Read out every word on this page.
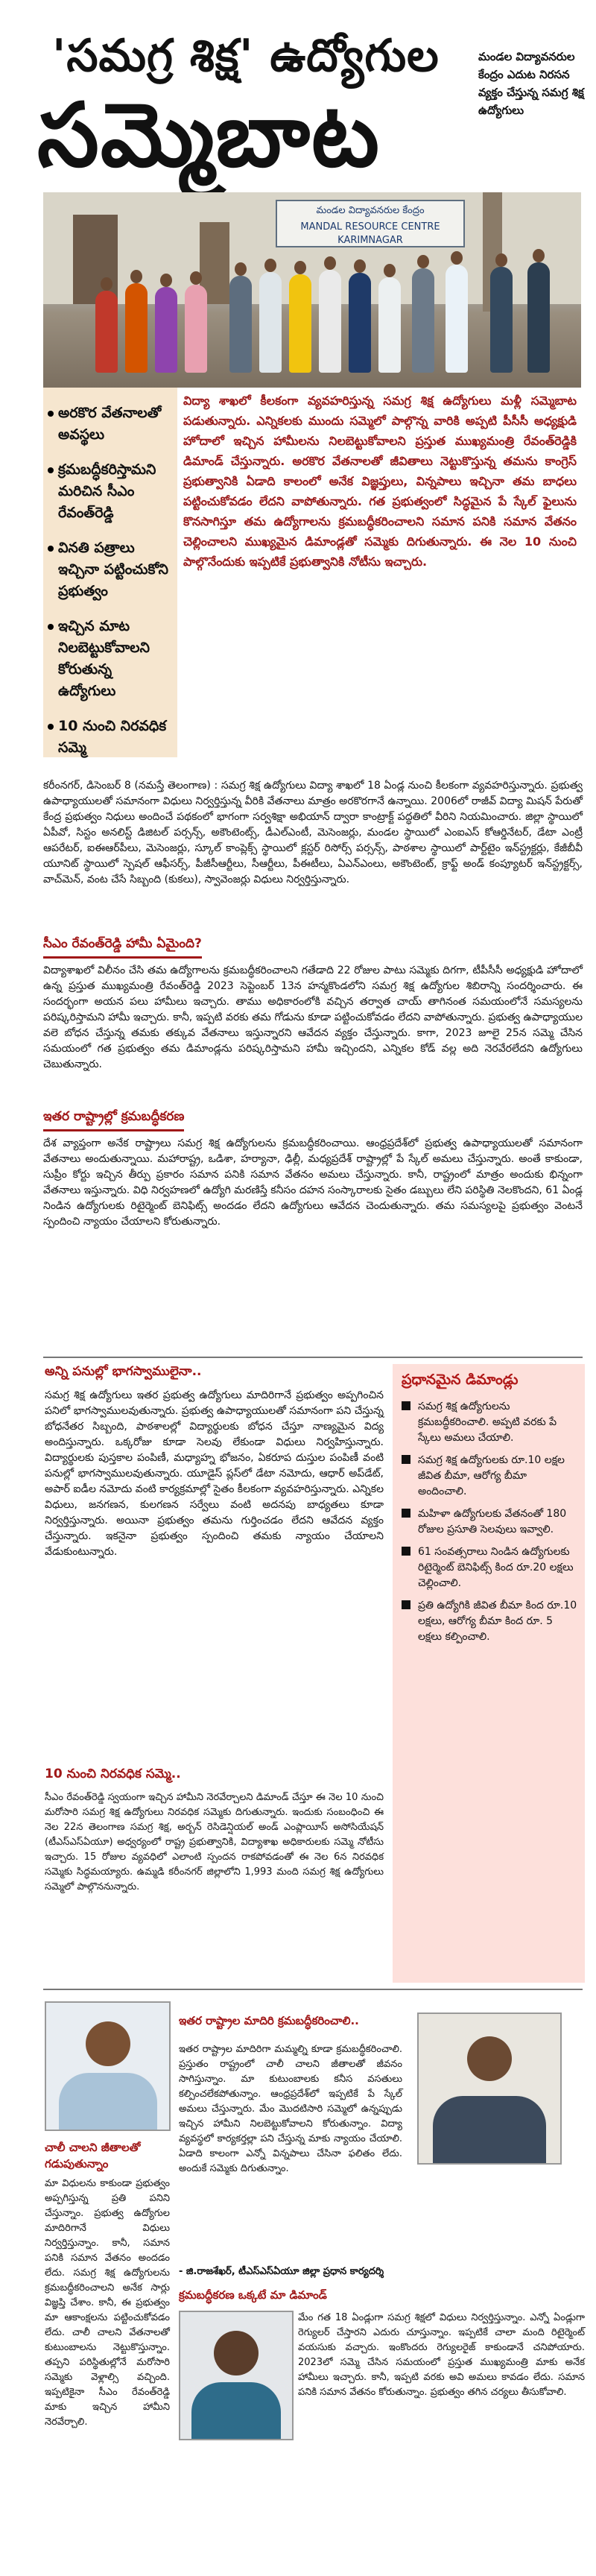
'సమగ్ర శిక్ష' ఉద్యోగుల
సమ్మెబాట
మండల విద్యావనరుల కేంద్రం ఎదుట నిరసన వ్యక్తం చేస్తున్న సమగ్ర శిక్ష ఉద్యోగులు
మండల విద్యావనరుల కేంద్రం
MANDAL RESOURCE CENTRE KARIMNAGAR
అరకొర వేతనాలతో అవస్థలు
క్రమబద్ధీకరిస్తామని మరిచిన సీఎం రేవంత్‌రెడ్డి
వినతి పత్రాలు ఇచ్చినా పట్టించుకోని ప్రభుత్వం
ఇచ్చిన మాట నిలబెట్టుకోవాలని కోరుతున్న ఉద్యోగులు
10 నుంచి నిరవధిక సమ్మె
విద్యా శాఖలో కీలకంగా వ్యవహరిస్తున్న సమగ్ర శిక్ష ఉద్యోగులు మళ్లీ సమ్మెబాట పడుతున్నారు. ఎన్నికలకు ముందు సమ్మెలో పాల్గొన్న వారికి అప్పటి పీసీసీ అధ్యక్షుడి హోదాలో ఇచ్చిన హామీలను నిలబెట్టుకోవాలని ప్రస్తుత ముఖ్యమంత్రి రేవంత్‌రెడ్డికి డిమాండ్ చేస్తున్నారు. అరకొర వేతనాలతో జీవితాలు నెట్టుకొస్తున్న తమను కాంగ్రెస్ ప్రభుత్వానికి ఏడాది కాలంలో అనేక విజ్ఞప్తులు, విన్నపాలు ఇచ్చినా తమ బాధలు పట్టించుకోవడం లేదని వాపోతున్నారు. గత ప్రభుత్వంలో సిద్ధమైన పే స్కేల్ ఫైలును కొనసాగిస్తూ తమ ఉద్యోగాలను క్రమబద్ధీకరించాలని సమాన పనికి సమాన వేతనం చెల్లించాలని ముఖ్యమైన డిమాండ్లతో సమ్మెకు దిగుతున్నారు. ఈ నెల 10 నుంచి పాల్గొనేందుకు ఇప్పటికే ప్రభుత్వానికి నోటీసు ఇచ్చారు.
కరీంనగర్, డిసెంబర్ 8 (నమస్తే తెలంగాణ) : సమగ్ర శిక్ష ఉద్యోగులు విద్యా శాఖలో 18 ఏండ్ల నుంచి కీలకంగా వ్యవహరిస్తున్నారు. ప్రభుత్వ ఉపాధ్యాయులతో సమానంగా విధులు నిర్వర్తిస్తున్న వీరికి వేతనాలు మాత్రం అరకొరగానే ఉన్నాయి. 2006లో రాజీవ్ విద్యా మిషన్ పేరుతో కేంద్ర ప్రభుత్వం నిధులు అందించే పథకంలో భాగంగా సర్వశిక్షా అభియాన్ ద్వారా కాంట్రాక్ట్ పద్ధతిలో వీరిని నియమించారు. జిల్లా స్థాయిలో ఏపీవో, సిస్టం అనలిస్ట్ డిజిటల్ పర్సన్స్, అకౌంటెంట్స్, డీఎల్ఎంటీ, మెసెంజర్లు, మండల స్థాయిలో ఎంఐఎస్ కోఆర్డినేటర్, డేటా ఎంట్రీ ఆపరేటర్, ఐఈఆర్‌పీలు, మెసెంజర్లు, స్కూల్ కాంప్లెక్స్ స్థాయిలో క్లస్టర్ రిసోర్స్ పర్సన్స్, పాఠశాల స్థాయిలో పార్ట్‌టైం ఇన్‌స్ట్రక్టర్లు, కేజీబీవీ యూనిట్ స్థాయిలో స్పెషల్ ఆఫీసర్స్, పీజీసీఆర్టీలు, సీఆర్టీలు, పీఈటీలు, ఏఎన్ఎంలు, అకౌంటెంట్, క్రాఫ్ట్ అండ్ కంప్యూటర్ ఇన్‌స్ట్రక్టర్స్, వాచ్‌మెన్, వంట చేసే సిబ్బంది (కుకలు), స్వావెంజర్లు విధులు నిర్వర్తిస్తున్నారు.
సీఎం రేవంత్‌రెడ్డి హామీ ఏమైంది?
విద్యాశాఖలో విలీనం చేసి తమ ఉద్యోగాలను క్రమబద్ధీకరించాలని గతేడాది 22 రోజుల పాటు సమ్మెకు దిగగా, టీపీసీసీ అధ్యక్షుడి హోదాలో ఉన్న ప్రస్తుత ముఖ్యమంత్రి రేవంత్‌రెడ్డి 2023 సెప్టెంబర్ 13న హన్మకొండలోని సమగ్ర శిక్ష ఉద్యోగుల శిబిరాన్ని సందర్శించారు. ఈ సందర్భంగా అయన పలు హామీలు ఇచ్చారు. తాము అధికారంలోకి వచ్చిన తర్వాత చాయ్ తాగినంత సమయంలోనే సమస్యలను పరిష్కరిస్తామని హామీ ఇచ్చారు. కానీ, ఇప్పటి వరకు తమ గోడును కూడా పట్టించుకోవడం లేదని వాపోతున్నారు. ప్రభుత్వ ఉపాధ్యాయుల వలె బోధన చేస్తున్న తమకు తక్కువ వేతనాలు ఇస్తున్నారని ఆవేదన వ్యక్తం చేస్తున్నారు. కాగా, 2023 జూలై 25న సమ్మె చేసిన సమయంలో గత ప్రభుత్వం తమ డిమాండ్లను పరిష్కరిస్తామని హామీ ఇచ్చిందని, ఎన్నికల కోడ్ వల్ల అది నెరవేరలేదని ఉద్యోగులు చెబుతున్నారు.
ఇతర రాష్ట్రాల్లో క్రమబద్ధీకరణ
దేశ వ్యాప్తంగా అనేక రాష్ట్రాలు సమగ్ర శిక్ష ఉద్యోగులను క్రమబద్ధీకరించాయి. ఆంధ్రప్రదేశ్‌లో ప్రభుత్వ ఉపాధ్యాయులతో సమానంగా వేతనాలు అందుతున్నాయి. మహారాష్ట్ర, ఒడిశా, హర్యానా, ఢిల్లీ, మధ్యప్రదేశ్ రాష్ట్రాల్లో పే స్కేల్ అమలు చేస్తున్నారు. అంతే కాకుండా, సుప్రీం కోర్టు ఇచ్చిన తీర్పు ప్రకారం సమాన పనికి సమాన వేతనం అమలు చేస్తున్నారు. కానీ, రాష్ట్రంలో మాత్రం అందుకు భిన్నంగా వేతనాలు ఇస్తున్నారు. విధి నిర్వహణలో ఉద్యోగి మరణిస్తే కనీసం దహన సంస్కారాలకు సైతం డబ్బులు లేని పరిస్థితి నెలకొందని, 61 ఏండ్ల నిండిన ఉద్యోగులకు రిటైర్మెంట్ బెనిఫిట్స్ అందడం లేదని ఉద్యోగులు ఆవేదన చెందుతున్నారు. తమ సమస్యలపై ప్రభుత్వం వెంటనే స్పందించి న్యాయం చేయాలని కోరుతున్నారు.
అన్ని పనుల్లో భాగస్వాములైనా..
సమగ్ర శిక్ష ఉద్యోగులు ఇతర ప్రభుత్వ ఉద్యోగులు మాదిరిగానే ప్రభుత్వం అప్పగించిన పనిలో భాగస్వాములవుతున్నారు. ప్రభుత్వ ఉపాధ్యాయులతో సమానంగా పని చేస్తున్న బోధనేతర సిబ్బంది, పాఠశాలల్లో విద్యార్థులకు బోధన చేస్తూ నాణ్యమైన విద్య అందిస్తున్నారు. ఒక్కరోజు కూడా సెలవు లేకుండా విధులు నిర్వహిస్తున్నారు. విద్యార్థులకు పుస్తకాల పంపిణీ, మధ్యాహ్న భోజనం, ఏకరూప దుస్తుల పంపిణీ వంటి పనుల్లో భాగస్వాములవుతున్నారు. యూడైస్ ప్లస్‌లో డేటా నమోదు, ఆధార్ అప్‌డేట్, అపార్ ఐడీల నమోదు వంటి కార్యక్రమాల్లో సైతం కీలకంగా వ్యవహరిస్తున్నారు. ఎన్నికల విధులు, జనగణన, కులగణన సర్వేలు వంటి అదనపు బాధ్యతలు కూడా నిర్వర్తిస్తున్నారు. అయినా ప్రభుత్వం తమను గుర్తించడం లేదని ఆవేదన వ్యక్తం చేస్తున్నారు. ఇకనైనా ప్రభుత్వం స్పందించి తమకు న్యాయం చేయాలని వేడుకుంటున్నారు.
ప్రధానమైన డిమాండ్లు
సమగ్ర శిక్ష ఉద్యోగులను క్రమబద్ధీకరించాలి. అప్పటి వరకు పే స్కేలు అమలు చేయాలి.
సమగ్ర శిక్ష ఉద్యోగులకు రూ.10 లక్షల జీవిత బీమా, ఆరోగ్య బీమా అందించాలి.
మహిళా ఉద్యోగులకు వేతనంతో 180 రోజుల ప్రసూతి సెలవులు ఇవ్వాలి.
61 సంవత్సరాలు నిండిన ఉద్యోగులకు రిటైర్మెంట్ బెనిఫిట్స్ కింద రూ.20 లక్షలు చెల్లించాలి.
ప్రతి ఉద్యోగికి జీవిత బీమా కింద రూ.10 లక్షలు, ఆరోగ్య బీమా కింద రూ. 5 లక్షలు కల్పించాలి.
10 నుంచి నిరవధిక సమ్మె..
సీఎం రేవంత్‌రెడ్డి స్వయంగా ఇచ్చిన హామీని నెరవేర్చాలని డిమాండ్ చేస్తూ ఈ నెల 10 నుంచి మరోసారి సమగ్ర శిక్ష ఉద్యోగులు నిరవధిక సమ్మెకు దిగుతున్నారు. ఇందుకు సంబంధించి ఈ నెల 22న తెలంగాణ సమగ్ర శిక్ష, అర్బన్ రెసిడెన్షియల్ అండ్ ఎంప్లాయీస్ అసోసియేషన్ (టీఎస్‌ఎస్‌ఏయూ) అధ్వర్యంలో రాష్ట్ర ప్రభుత్వానికి, విద్యాశాఖ అధికారులకు సమ్మె నోటీసు ఇచ్చారు. 15 రోజుల వ్యవధిలో ఎలాంటి స్పందన రాకపోవడంతో ఈ నెల 6న నిరవధిక సమ్మెకు సిద్ధమయ్యారు. ఉమ్మడి కరీంనగర్ జిల్లాలోని 1,993 మంది సమగ్ర శిక్ష ఉద్యోగులు సమ్మెలో పాల్గొననున్నారు.
చాలీ చాలని జీతాలతో గడుపుతున్నాం
మా విధులను కాకుండా ప్రభుత్వం అప్పగిస్తున్న ప్రతి పనిని చేస్తున్నాం. ప్రభుత్వ ఉద్యోగుల మాదిరిగానే విధులు నిర్వర్తిస్తున్నాం. కానీ, సమాన పనికి సమాన వేతనం అందడం లేదు. సమగ్ర శిక్ష ఉద్యోగులను క్రమబద్ధీకరించాలని అనేక సార్లు విజ్ఞప్తి చేశాం. కానీ, ఈ ప్రభుత్వం మా ఆకాంక్షలను పట్టించుకోవడం లేదు. చాలీ చాలని వేతనాలతో కుటుంబాలను నెట్టుకొస్తున్నాం. తప్పని పరిస్థితుల్లోనే మరోసారి సమ్మెకు వెళ్లాల్సి వచ్చింది. ఇప్పటికైనా సీఎం రేవంత్‌రెడ్డి మాకు ఇచ్చిన హామీని నెరవేర్చాలి.
ఇతర రాష్ట్రాల మాదిరి క్రమబద్ధీకరించాలి..
ఇతర రాష్ట్రాల మాదిరిగా మమ్మల్ని కూడా క్రమబద్ధీకరించాలి. ప్రస్తుతం రాష్ట్రంలో చాలీ చాలని జీతాలతో జీవనం సాగిస్తున్నాం. మా కుటుంబాలకు కనీస వసతులు కల్పించలేకపోతున్నాం. ఆంధ్రప్రదేశ్‌లో ఇప్పటికే పే స్కేల్ అమలు చేస్తున్నారు. మేం మొదటిసారి సమ్మెలో ఉన్నప్పుడు ఇచ్చిన హామీని నిలబెట్టుకోవాలని కోరుతున్నాం. విద్యా వ్యవస్థలో కార్యకర్తల్లా పని చేస్తున్న మాకు న్యాయం చేయాలి. ఏడాది కాలంగా ఎన్నో విన్నపాలు చేసినా ఫలితం లేదు. అందుకే సమ్మెకు దిగుతున్నాం.
- జి.రాజశేఖర్, టీఎస్‌ఎస్‌ఏయూ జిల్లా ప్రధాన కార్యదర్శి
క్రమబద్ధీకరణ ఒక్కటే మా డిమాండ్
మేం గత 18 ఏండ్లుగా సమగ్ర శిక్షలో విధులు నిర్వర్తిస్తున్నాం. ఎన్నో ఏండ్లుగా రెగ్యులర్ చేస్తారని ఎదురు చూస్తున్నాం. ఇప్పటికే చాలా మంది రిటైర్మెంట్ వయసుకు వచ్చారు. ఇంకొందరు రెగ్యులరైజ్ కాకుండానే చనిపోయారు. 2023లో సమ్మె చేసిన సమయంలో ప్రస్తుత ముఖ్యమంత్రి మాకు అనేక హామీలు ఇచ్చారు. కానీ, ఇప్పటి వరకు అవి అమలు కావడం లేదు. సమాన పనికి సమాన వేతనం కోరుతున్నాం. ప్రభుత్వం తగిన చర్యలు తీసుకోవాలి.
